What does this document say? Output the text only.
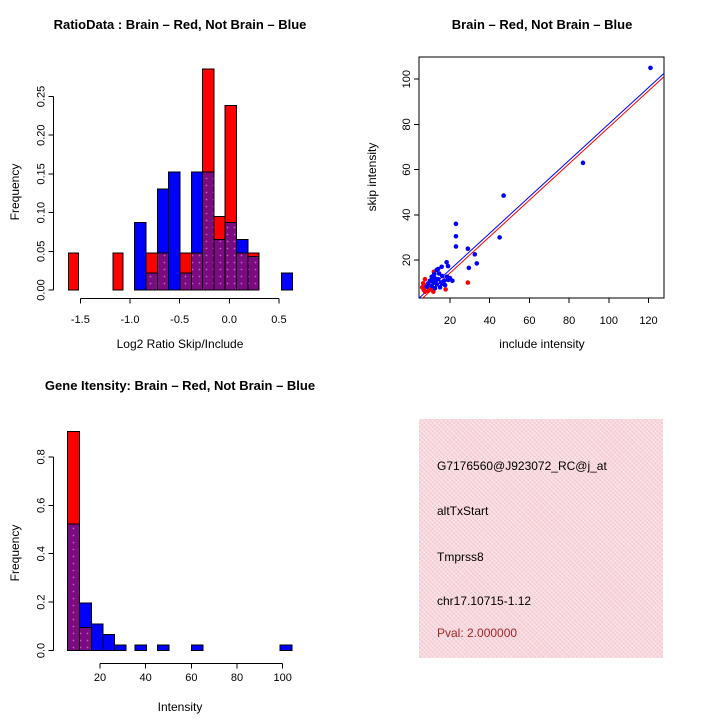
0.00
0.05
0.10
0.15
0.20
0.25
-1.5	-1.0	-0.5	0.0	0.5	20 40 60 80 100 120
20
40
60
80
100
0.0
0.2
0.4
0.6
0.8
20	40	60	80	100
RatioData : Brain – Red, Not Brain – Blue	Brain – Red, Not Brain – Blue
Gene Itensity: Brain – Red, Not Brain – Blue
Log2 Ratio Skip/Include	include intensity
Intensity
Frequency	skip intensity
Frequency
G7176560@J923072_RC@j_at
altTxStart
Tmprss8
chr17.10715-1.12
Pval: 2.000000
